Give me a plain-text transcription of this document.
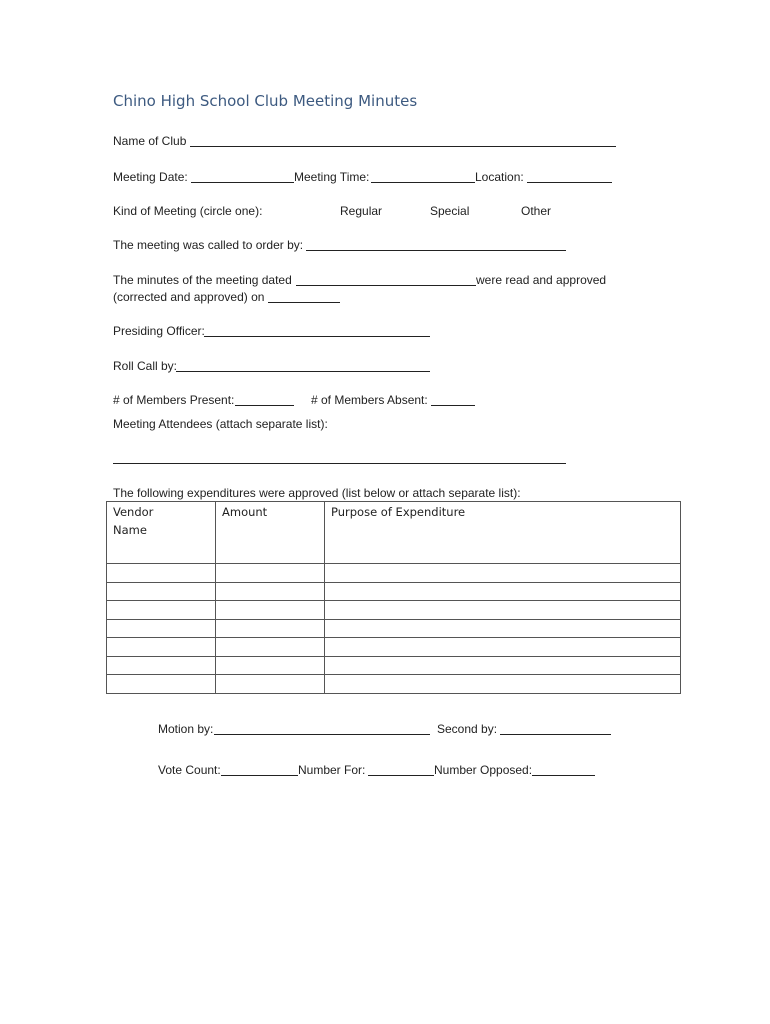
Chino High School Club Meeting Minutes
Name of Club
Meeting Date:	Meeting Time:	Location:
Kind of Meeting (circle one):	Regular	Special	Other
The meeting was called to order by:
The minutes of the meeting dated	were read and approved
(corrected and approved) on
Presiding Officer:
Roll Call by:
# of Members Present:	# of Members Absent:
Meeting Attendees (attach separate list):
The following expenditures were approved (list below or attach separate list):
Vendor Name	Amount	Purpose of Expenditure

Motion by:	Second by:
Vote Count:	Number For:	Number Opposed:
